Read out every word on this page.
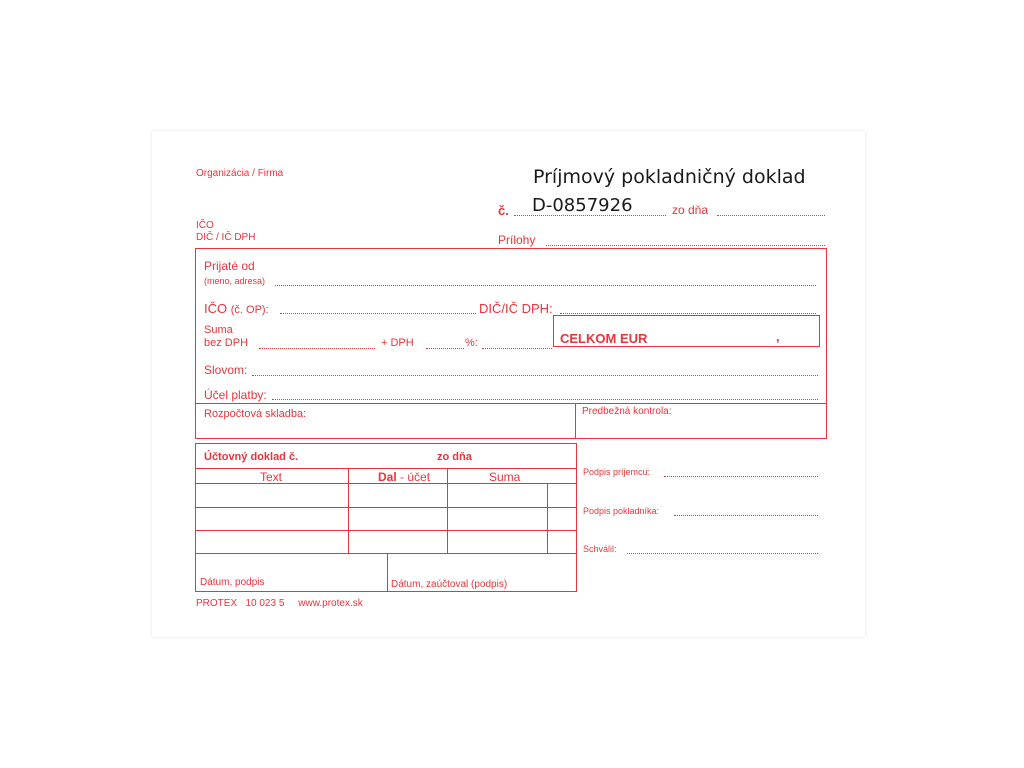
Organizácia / Firma
IČO
DIČ / IČ DPH
Príjmový pokladničný doklad
č. D-0857926	zo dňa
Prílohy
Prijaté od
(meno, adresa)
IČO (č. OP):	DIČ/IČ DPH:
Suma
bez DPH	+ DPH	%:	CELKOM EUR	,
Slovom:
Účel platby:
Rozpočtová skladba:	Predbežná kontrola:
Účtovný doklad č.	zo dňa
Text	Dal - účet	Suma
Dátum, podpis	Dátum, zaúčtoval (podpis)
Podpis príjemcu:
Podpis pokladníka:
Schválil:
PROTEX   10 023 5     www.protex.sk
